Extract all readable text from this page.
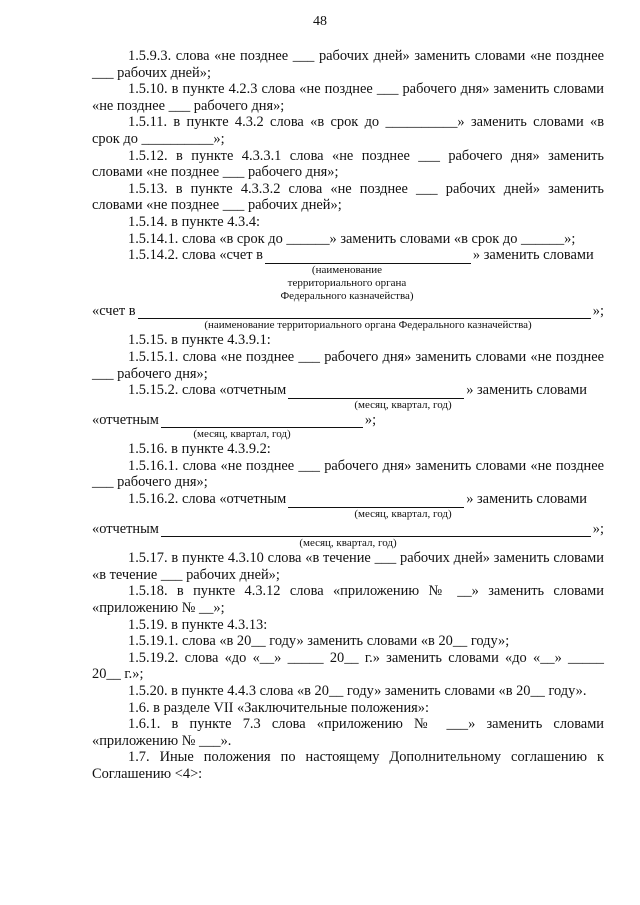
48

1.5.9.3. слова «не позднее ___ рабочих дней» заменить словами «не позднее ___ рабочих дней»;

1.5.10. в пункте 4.2.3 слова «не позднее ___ рабочего дня» заменить словами «не позднее ___ рабочего дня»;

1.5.11. в пункте 4.3.2 слова «в срок до __________» заменить словами «в срок до __________»;

1.5.12. в пункте 4.3.3.1 слова «не позднее ___ рабочего дня» заменить словами «не позднее ___ рабочего дня»;

1.5.13. в пункте 4.3.3.2 слова «не позднее ___ рабочих дней» заменить словами «не позднее ___ рабочих дней»;

1.5.14. в пункте 4.3.4:

1.5.14.1. слова «в срок до ______» заменить словами «в срок до ______»;

1.5.14.2. слова «счет в	» заменить словами

(наименование

территориального органа

Федерального казначейства)

«счет в	»;

(наименование территориального органа Федерального казначейства)

1.5.15. в пункте 4.3.9.1:

1.5.15.1. слова «не позднее ___ рабочего дня» заменить словами «не позднее ___ рабочего дня»;

1.5.15.2. слова «отчетным	» заменить словами

(месяц, квартал, год)

«отчетным	»;

(месяц, квартал, год)

1.5.16. в пункте 4.3.9.2:

1.5.16.1. слова «не позднее ___ рабочего дня» заменить словами «не позднее ___ рабочего дня»;

1.5.16.2. слова «отчетным	» заменить словами

(месяц, квартал, год)

«отчетным	»;

(месяц, квартал, год)

1.5.17. в пункте 4.3.10 слова «в течение ___ рабочих дней» заменить словами «в течение ___ рабочих дней»;

1.5.18. в пункте 4.3.12 слова «приложению № __» заменить словами «приложению № __»;

1.5.19. в пункте 4.3.13:

1.5.19.1. слова «в 20__ году» заменить словами «в 20__ году»;

1.5.19.2. слова «до «__» _____ 20__ г.» заменить словами «до «__» _____ 20__ г.»;

1.5.20. в пункте 4.4.3 слова «в 20__ году» заменить словами «в 20__ году».

1.6. в разделе VII «Заключительные положения»:

1.6.1. в пункте 7.3 слова «приложению № ___» заменить словами «приложению № ___».

1.7. Иные положения по настоящему Дополнительному соглашению к Соглашению <4>:
